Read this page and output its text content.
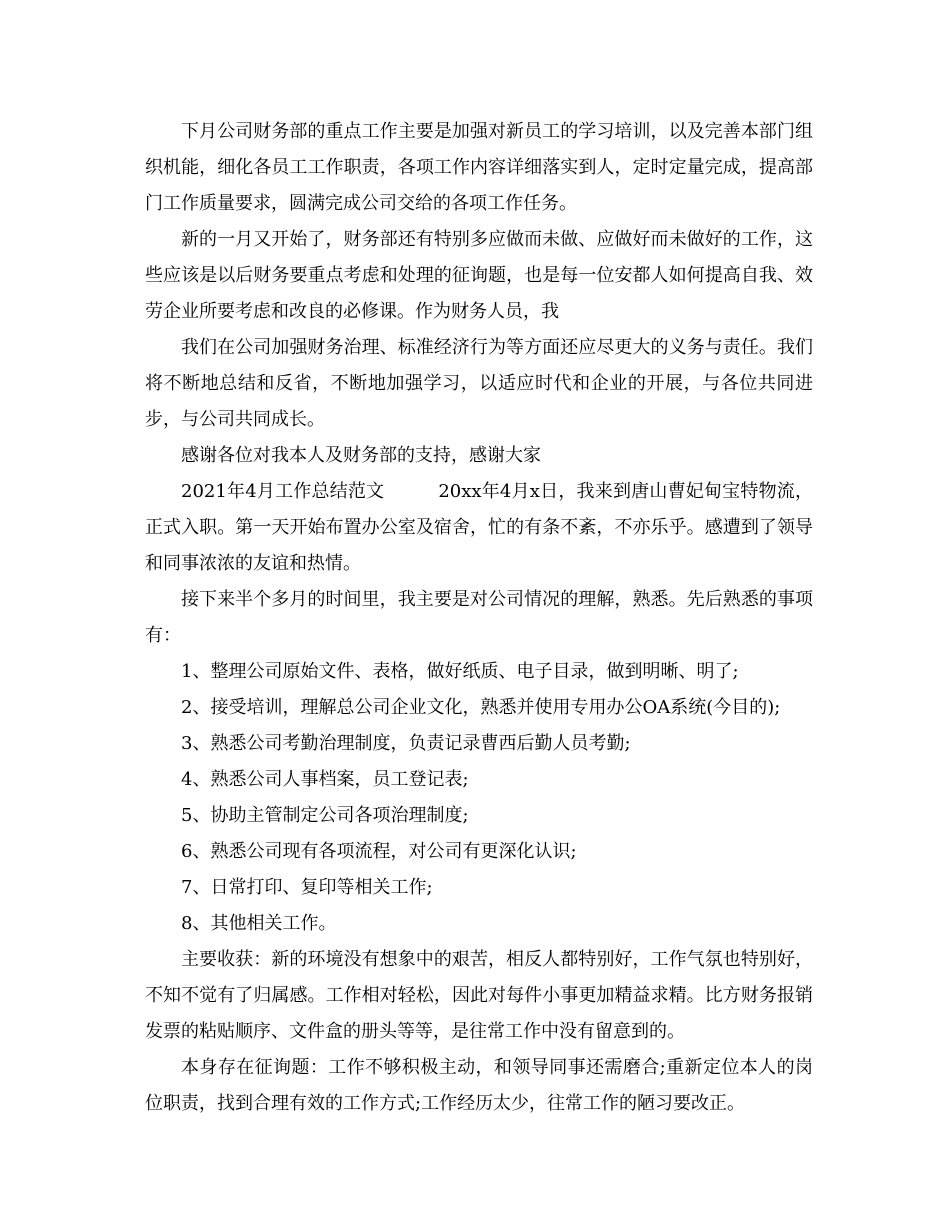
下月公司财务部的重点工作主要是加强对新员工的学习培训，以及完善本部门组织机能，细化各员工工作职责，各项工作内容详细落实到人，定时定量完成，提高部门工作质量要求，圆满完成公司交给的各项工作任务。

新的一月又开始了，财务部还有特别多应做而未做、应做好而未做好的工作，这些应该是以后财务要重点考虑和处理的征询题，也是每一位安都人如何提高自我、效劳企业所要考虑和改良的必修课。作为财务人员，我

我们在公司加强财务治理、标准经济行为等方面还应尽更大的义务与责任。我们将不断地总结和反省，不断地加强学习，以适应时代和企业的开展，与各位共同进步，与公司共同成长。

感谢各位对我本人及财务部的支持，感谢大家

2021年4月工作总结范文	20xx年4月x日，我来到唐山曹妃甸宝特物流，正式入职。第一天开始布置办公室及宿舍，忙的有条不紊，不亦乐乎。感遭到了领导和同事浓浓的友谊和热情。

接下来半个多月的时间里，我主要是对公司情况的理解，熟悉。先后熟悉的事项有：

1、整理公司原始文件、表格，做好纸质、电子目录，做到明晰、明了;

2、接受培训，理解总公司企业文化，熟悉并使用专用办公OA系统(今目的);

3、熟悉公司考勤治理制度，负责记录曹西后勤人员考勤;

4、熟悉公司人事档案，员工登记表;

5、协助主管制定公司各项治理制度;

6、熟悉公司现有各项流程，对公司有更深化认识;

7、日常打印、复印等相关工作;

8、其他相关工作。

主要收获：新的环境没有想象中的艰苦，相反人都特别好，工作气氛也特别好，不知不觉有了归属感。工作相对轻松，因此对每件小事更加精益求精。比方财务报销发票的粘贴顺序、文件盒的册头等等，是往常工作中没有留意到的。

本身存在征询题：工作不够积极主动，和领导同事还需磨合;重新定位本人的岗位职责，找到合理有效的工作方式;工作经历太少，往常工作的陋习要改正。
